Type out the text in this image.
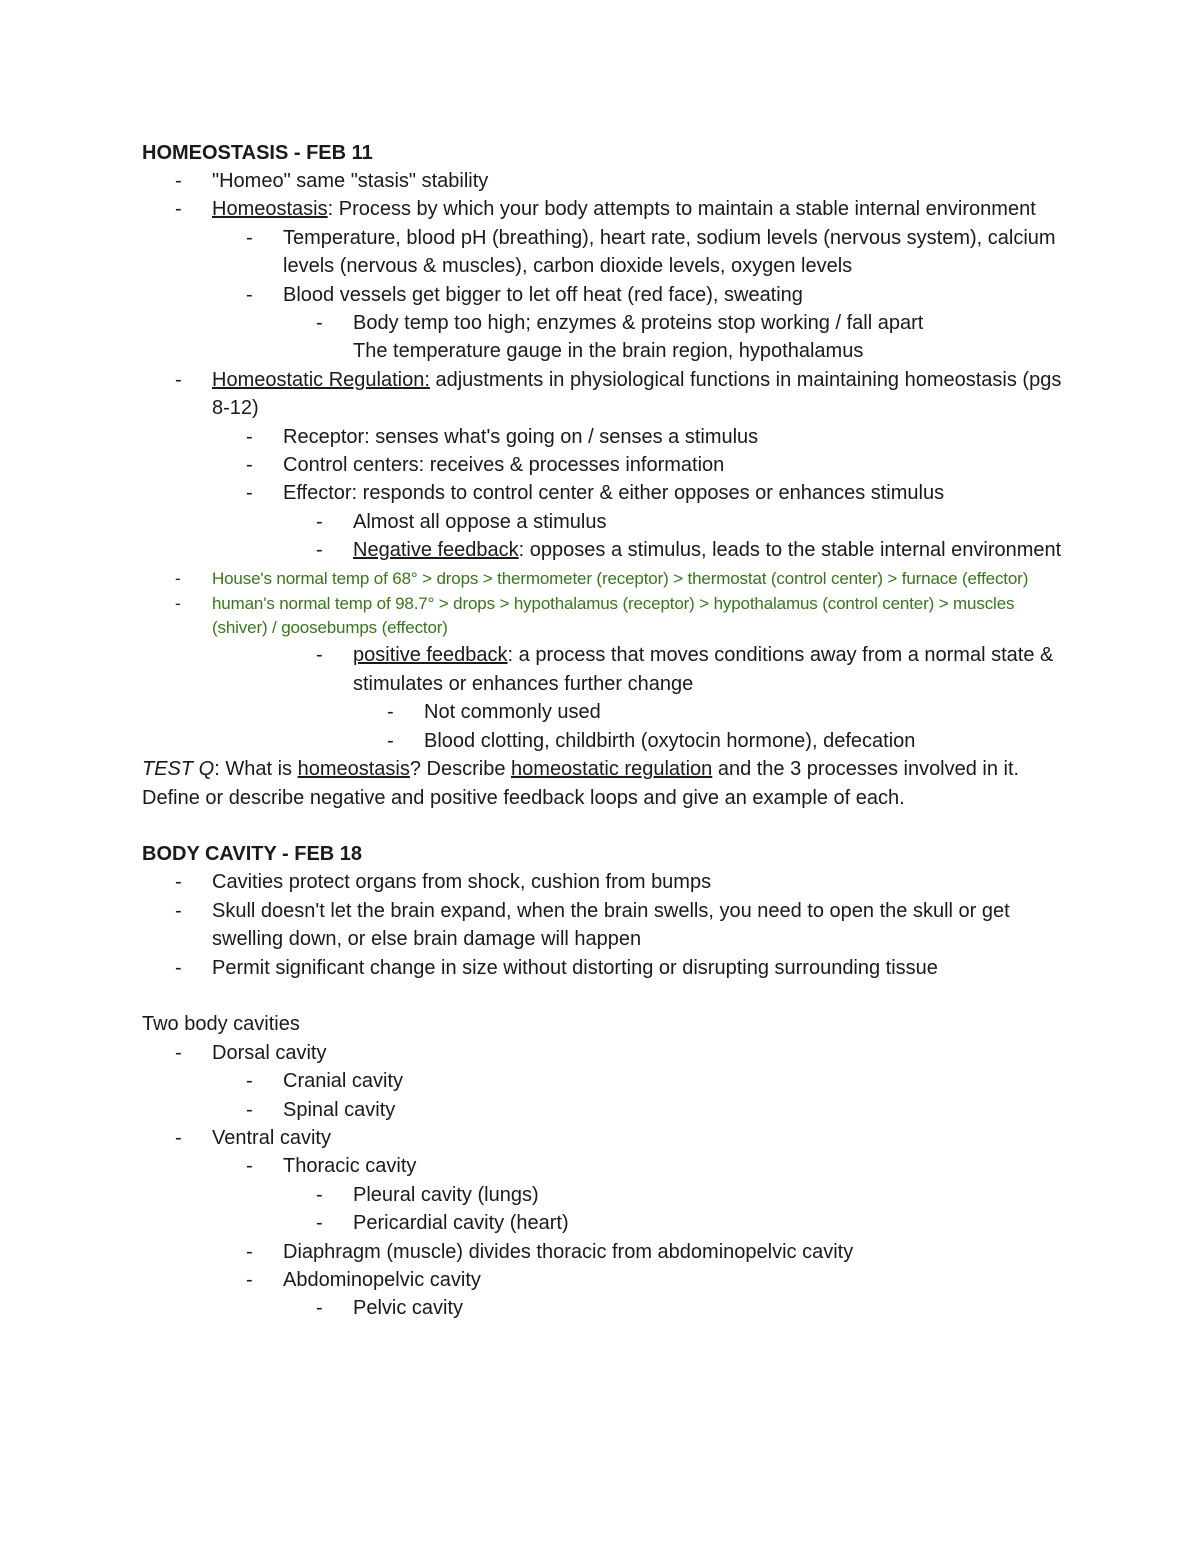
HOMEOSTASIS - FEB 11
- "Homeo" same "stasis" stability
- Homeostasis: Process by which your body attempts to maintain a stable internal environment
- Temperature, blood pH (breathing), heart rate, sodium levels (nervous system), calcium levels (nervous & muscles), carbon dioxide levels, oxygen levels
- Blood vessels get bigger to let off heat (red face), sweating
- Body temp too high; enzymes & proteins stop working / fall apart
The temperature gauge in the brain region, hypothalamus
- Homeostatic Regulation: adjustments in physiological functions in maintaining homeostasis (pgs 8-12)
- Receptor: senses what's going on / senses a stimulus
- Control centers: receives & processes information
- Effector: responds to control center & either opposes or enhances stimulus
- Almost all oppose a stimulus
- Negative feedback: opposes a stimulus, leads to the stable internal environment
- House's normal temp of 68° > drops > thermometer (receptor) > thermostat (control center) > furnace (effector)
- human's normal temp of 98.7° > drops > hypothalamus (receptor) > hypothalamus (control center) > muscles (shiver) / goosebumps (effector)
- positive feedback: a process that moves conditions away from a normal state & stimulates or enhances further change
- Not commonly used
- Blood clotting, childbirth (oxytocin hormone), defecation
TEST Q: What is homeostasis? Describe homeostatic regulation and the 3 processes involved in it. Define or describe negative and positive feedback loops and give an example of each.
BODY CAVITY - FEB 18
- Cavities protect organs from shock, cushion from bumps
- Skull doesn't let the brain expand, when the brain swells, you need to open the skull or get swelling down, or else brain damage will happen
- Permit significant change in size without distorting or disrupting surrounding tissue
Two body cavities
- Dorsal cavity
- Cranial cavity
- Spinal cavity
- Ventral cavity
- Thoracic cavity
- Pleural cavity (lungs)
- Pericardial cavity (heart)
- Diaphragm (muscle) divides thoracic from abdominopelvic cavity
- Abdominopelvic cavity
- Pelvic cavity
